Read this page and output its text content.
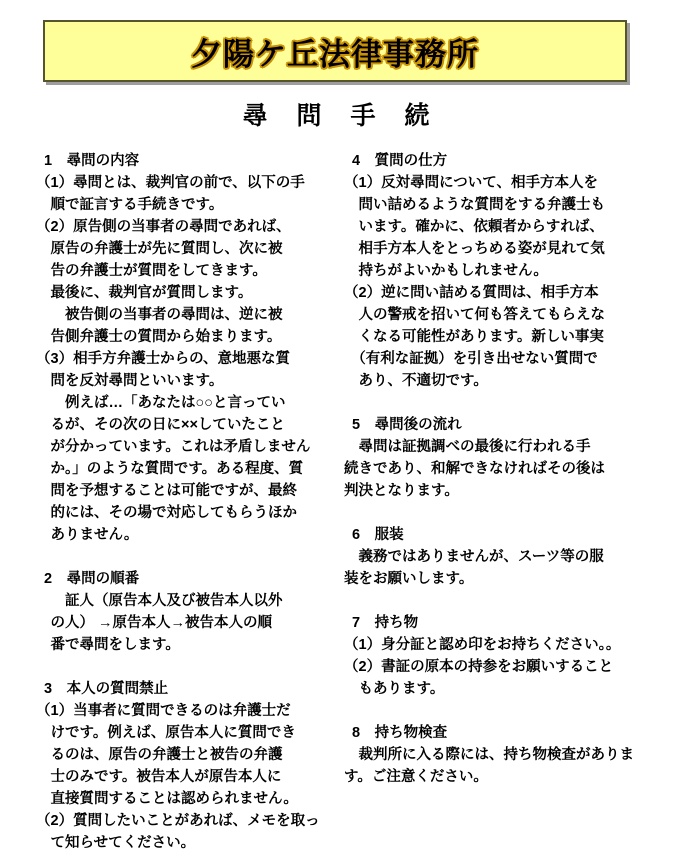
夕陽ケ丘法律事務所
尋　問　手　続
1　尋問の内容
（1）尋問とは、裁判官の前で、以下の手
　順で証言する手続きです。
（2）原告側の当事者の尋問であれば、
　原告の弁護士が先に質問し、次に被
　告の弁護士が質問をしてきます。
　最後に、裁判官が質問します。
　　被告側の当事者の尋問は、逆に被
　告側弁護士の質問から始まります。
（3）相手方弁護士からの、意地悪な質
　問を反対尋問といいます。
　　例えば…「あなたは○○と言ってい
　るが、その次の日に××していたこと
　が分かっています。これは矛盾しません
　か。」のような質問です。ある程度、質
　問を予想することは可能ですが、最終
　的には、その場で対応してもらうほか
　ありません。
2　尋問の順番
　　証人（原告本人及び被告本人以外
　の人） →原告本人→被告本人の順
　番で尋問をします。
3　本人の質問禁止
（1）当事者に質問できるのは弁護士だ
　けです。例えば、原告本人に質問でき
　るのは、原告の弁護士と被告の弁護
　士のみです。被告本人が原告本人に
　直接質問することは認められません。
（2）質問したいことがあれば、メモを取っ
　て知らせてください。
4　質問の仕方
（1）反対尋問について、相手方本人を
　問い詰めるような質問をする弁護士も
　います。確かに、依頼者からすれば、
　相手方本人をとっちめる姿が見れて気
　持ちがよいかもしれません。
（2）逆に問い詰める質問は、相手方本
　人の警戒を招いて何も答えてもらえな
　くなる可能性があります。新しい事実
　（有利な証拠）を引き出せない質問で
　あり、不適切です。
5　尋問後の流れ
　尋問は証拠調べの最後に行われる手
続きであり、和解できなければその後は
判決となります。
6　服装
　義務ではありませんが、スーツ等の服
装をお願いします。
7　持ち物
（1）身分証と認め印をお持ちください。。
（2）書証の原本の持参をお願いすること
　もあります。
8　持ち物検査
　裁判所に入る際には、持ち物検査がありま
す。ご注意ください。
